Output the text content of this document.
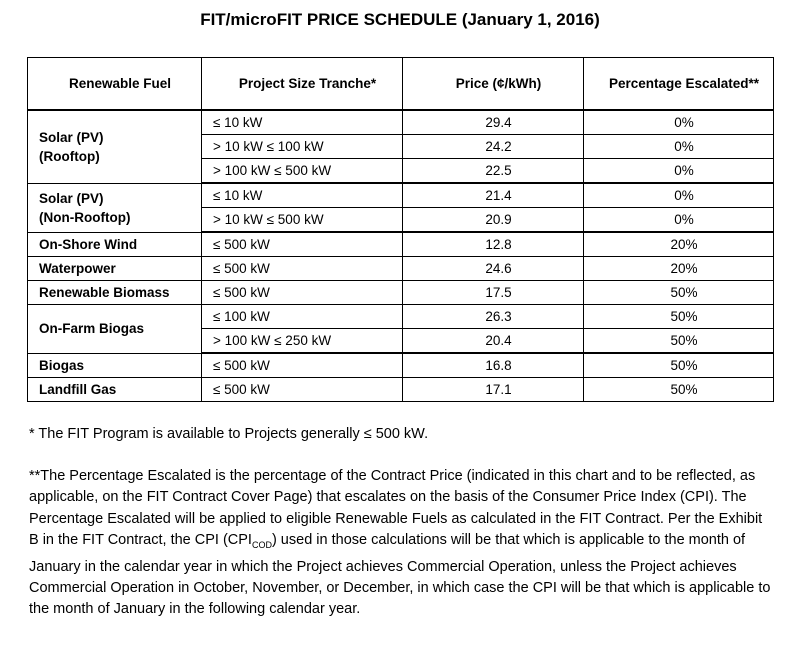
FIT/microFIT PRICE SCHEDULE (January 1, 2016)
Renewable Fuel	Project Size Tranche*	Price (¢/kWh)	Percentage Escalated**

Solar (PV)
(Rooftop)	≤ 10 kW	29.4	0%
	> 10 kW ≤ 100 kW	24.2	0%
	> 100 kW ≤ 500 kW	22.5	0%

Solar (PV)
(Non-Rooftop)	≤ 10 kW	21.4	0%
	> 10 kW ≤ 500 kW	20.9	0%

On-Shore Wind	≤ 500 kW	12.8	20%

Waterpower	≤ 500 kW	24.6	20%

Renewable Biomass	≤ 500 kW	17.5	50%

On-Farm Biogas	≤ 100 kW	26.3	50%
	> 100 kW ≤ 250 kW	20.4	50%

Biogas	≤ 500 kW	16.8	50%

Landfill Gas	≤ 500 kW	17.1	50%
* The FIT Program is available to Projects generally ≤ 500 kW.
**The Percentage Escalated is the percentage of the Contract Price (indicated in this chart and to be reflected, as applicable, on the FIT Contract Cover Page) that escalates on the basis of the Consumer Price Index (CPI). The Percentage Escalated will be applied to eligible Renewable Fuels as calculated in the FIT Contract. Per the Exhibit B in the FIT Contract, the CPI $(CPI_{COD})$ used in those calculations will be that which is applicable to the month of January in the calendar year in which the Project achieves Commercial Operation, unless the Project achieves Commercial Operation in October, November, or December, in which case the CPI will be that which is applicable to the month of January in the following calendar year.
